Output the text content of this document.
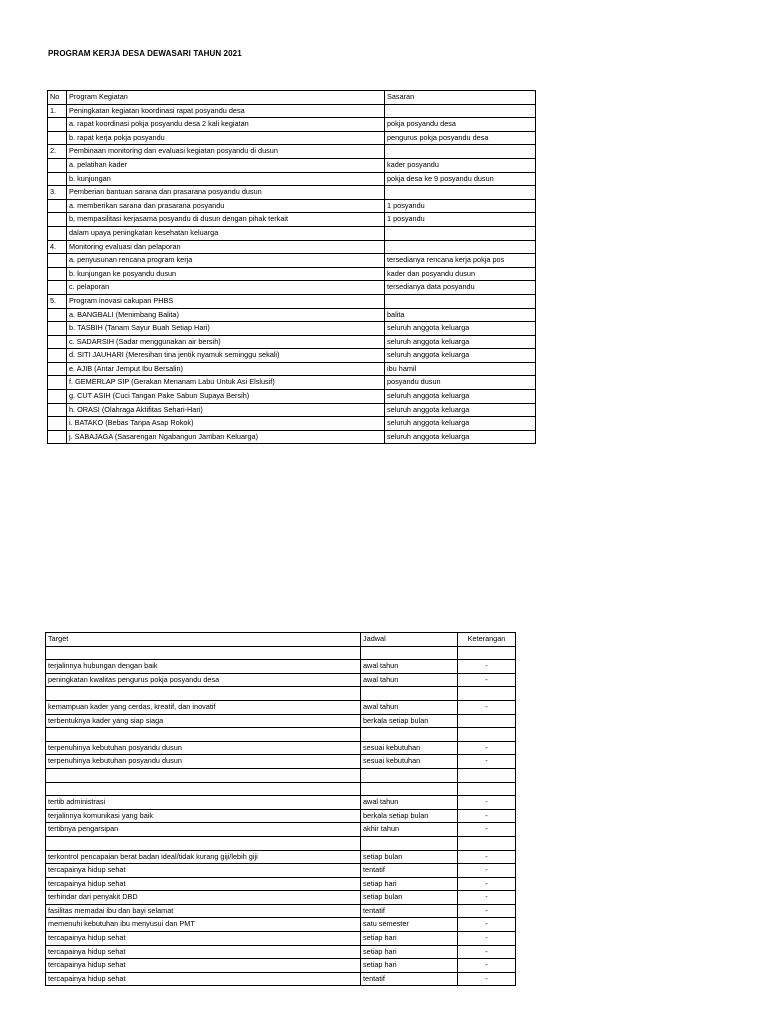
PROGRAM KERJA DESA DEWASARI TAHUN 2021
No	Program Kegiatan	Sasaran
1.	Peningkatan kegiatan koordinasi rapat posyandu desa	
	a. rapat koordinasi pokja posyandu desa 2 kali kegiatan	pokja posyandu desa
	b. rapat kerja pokja posyandu	pengurus pokja posyandu desa
2.	Pembinaan monitoring dan evaluasi kegiatan posyandu di dusun	
	a. pelatihan kader	kader posyandu
	b. kunjungan	pokja desa ke 9 posyandu dusun
3.	Pemberian bantuan sarana dan prasarana posyandu dusun	
	a. memberikan sarana dan prasarana posyandu	1 posyandu
	b, mempasilitasi kerjasama posyandu di dusun dengan pihak terkait	1 posyandu
	dalam upaya peningkatan kesehatan keluarga	
4.	Monitoring evaluasi dan pelaporan	
	a. penyusunan rencana program kerja	tersedianya rencana kerja pokja pos
	b. kunjungan ke posyandu dusun	kader dan posyandu dusun
	c. pelaporan	tersedianya data posyandu
5.	Program inovasi cakupan PHBS	
	a. BANGBALI (Menimbang Balita)	balita
	b. TASBIH (Tanam Sayur Buah Setiap Hari)	seluruh anggota keluarga
	c. SADARSIH (Sadar menggunakan air bersih)	seluruh anggota keluarga
	d. SITI JAUHARI (Meresihan tina jentik nyamuk seminggu sekali)	seluruh anggota keluarga
	e. AJIB (Antar Jemput Ibu Bersalin)	ibu hamil
	f. GEMERLAP SIP (Gerakan Menanam Labu Untuk Asi Elslusif)	posyandu dusun
	g. CUT ASIH (Cuci Tangan Pake Sabun Supaya Bersih)	seluruh anggota keluarga
	h. ORASI (Olahraga Aktifitas Sehari-Hari)	seluruh anggota keluarga
	i. BATAKO (Bebas Tanpa Asap Rokok)	seluruh anggota keluarga
	j. SABAJAGA (Sasarengan Ngabangun Jamban Keluarga)	seluruh anggota keluarga
Target	Jadwal	Keterangan

terjalinnya hubungan dengan baik	awal tahun	-
peningkatan kwalitas pengurus pokja posyandu desa	awal tahun	-

kemampuan kader yang cerdas, kreatif, dan inovatif	awal tahun	-
terbentuknya kader yang siap siaga	berkala setiap bulan	

terpenuhinya kebutuhan posyandu dusun	sesuai kebutuhan	-
terpenuhinya kebutuhan posyandu dusun	sesuai kebutuhan	-

tertib administrasi	awal tahun	-
terjalinnya komunikasi yang baik	berkala setiap bulan	-
tertibnya pengarsipan	akhir tahun	-

terkontrol pencapaian berat badan ideal/tidak kurang giji/lebih giji	setiap bulan	-
tercapainya hidup sehat	tentatif	-
tercapainya hidup sehat	setiap hari	-
terhindar dari penyakit DBD	setiap bulan	-
fasilitas memadai ibu dan bayi selamat	tentatif	-
memenuhi kebutuhan ibu menyusui dan PMT	satu semester	-
tercapainya hidup sehat	setiap hari	-
tercapainya hidup sehat	setiap hari	-
tercapainya hidup sehat	setiap hari	-
tercapainya hidup sehat	tentatif	-
